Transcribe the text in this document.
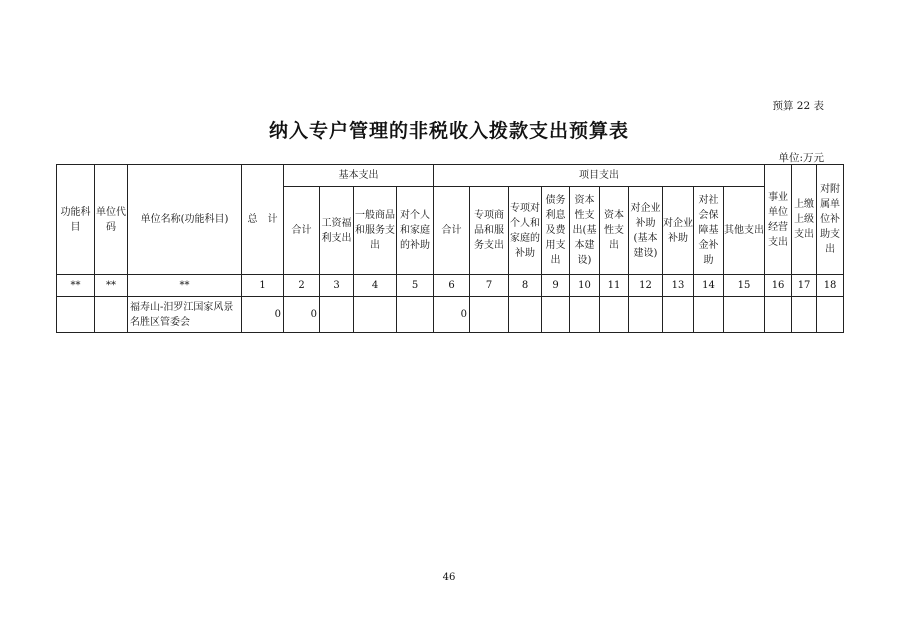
预算 22 表
纳入专户管理的非税收入拨款支出预算表
单位:万元
功能科目	单位代码	单位名称(功能科目)	总　计	基本支出				项目支出										事业单位经营支出	上缴上级支出	对附属单位补助支出
				合计	工资福利支出	一般商品和服务支出	对个人和家庭的补助	合计	专项商品和服务支出	专项对个人和家庭的补助	债务利息及费用支出	资本性支出(基本建设)	资本性支出	对企业补助(基本建设)	对企业补助	对社会保障基金补助	其他支出			
**	**	**	1	2	3	4	5	6	7	8	9	10	11	12	13	14	15	16	17	18
		福寿山-汨罗江国家风景名胜区管委会	0	0				0												
46
